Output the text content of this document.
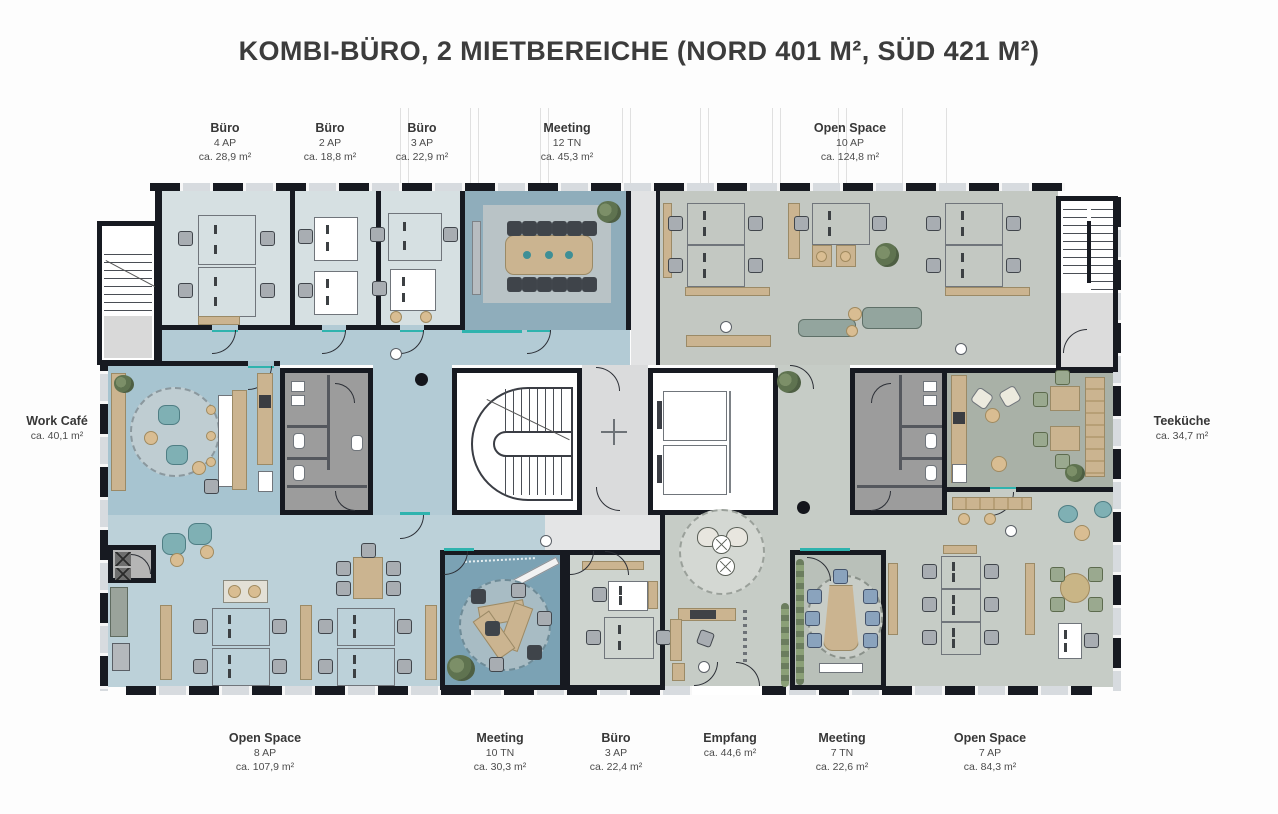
KOMBI-BÜRO, 2 MIETBEREICHE (NORD 401 M², SÜD 421 M²)
Büro
4 AP
ca. 28,9 m²
Büro
2 AP
ca. 18,8 m²
Büro
3 AP
ca. 22,9 m²
Meeting
12 TN
ca. 45,3 m²
Open Space
10 AP
ca. 124,8 m²
Work Café
ca. 40,1 m²
Teeküche
ca. 34,7 m²
Open Space
8 AP
ca. 107,9 m²
Meeting
10 TN
ca. 30,3 m²
Büro
3 AP
ca. 22,4 m²
Empfang
ca. 44,6 m²
Meeting
7 TN
ca. 22,6 m²
Open Space
7 AP
ca. 84,3 m²
